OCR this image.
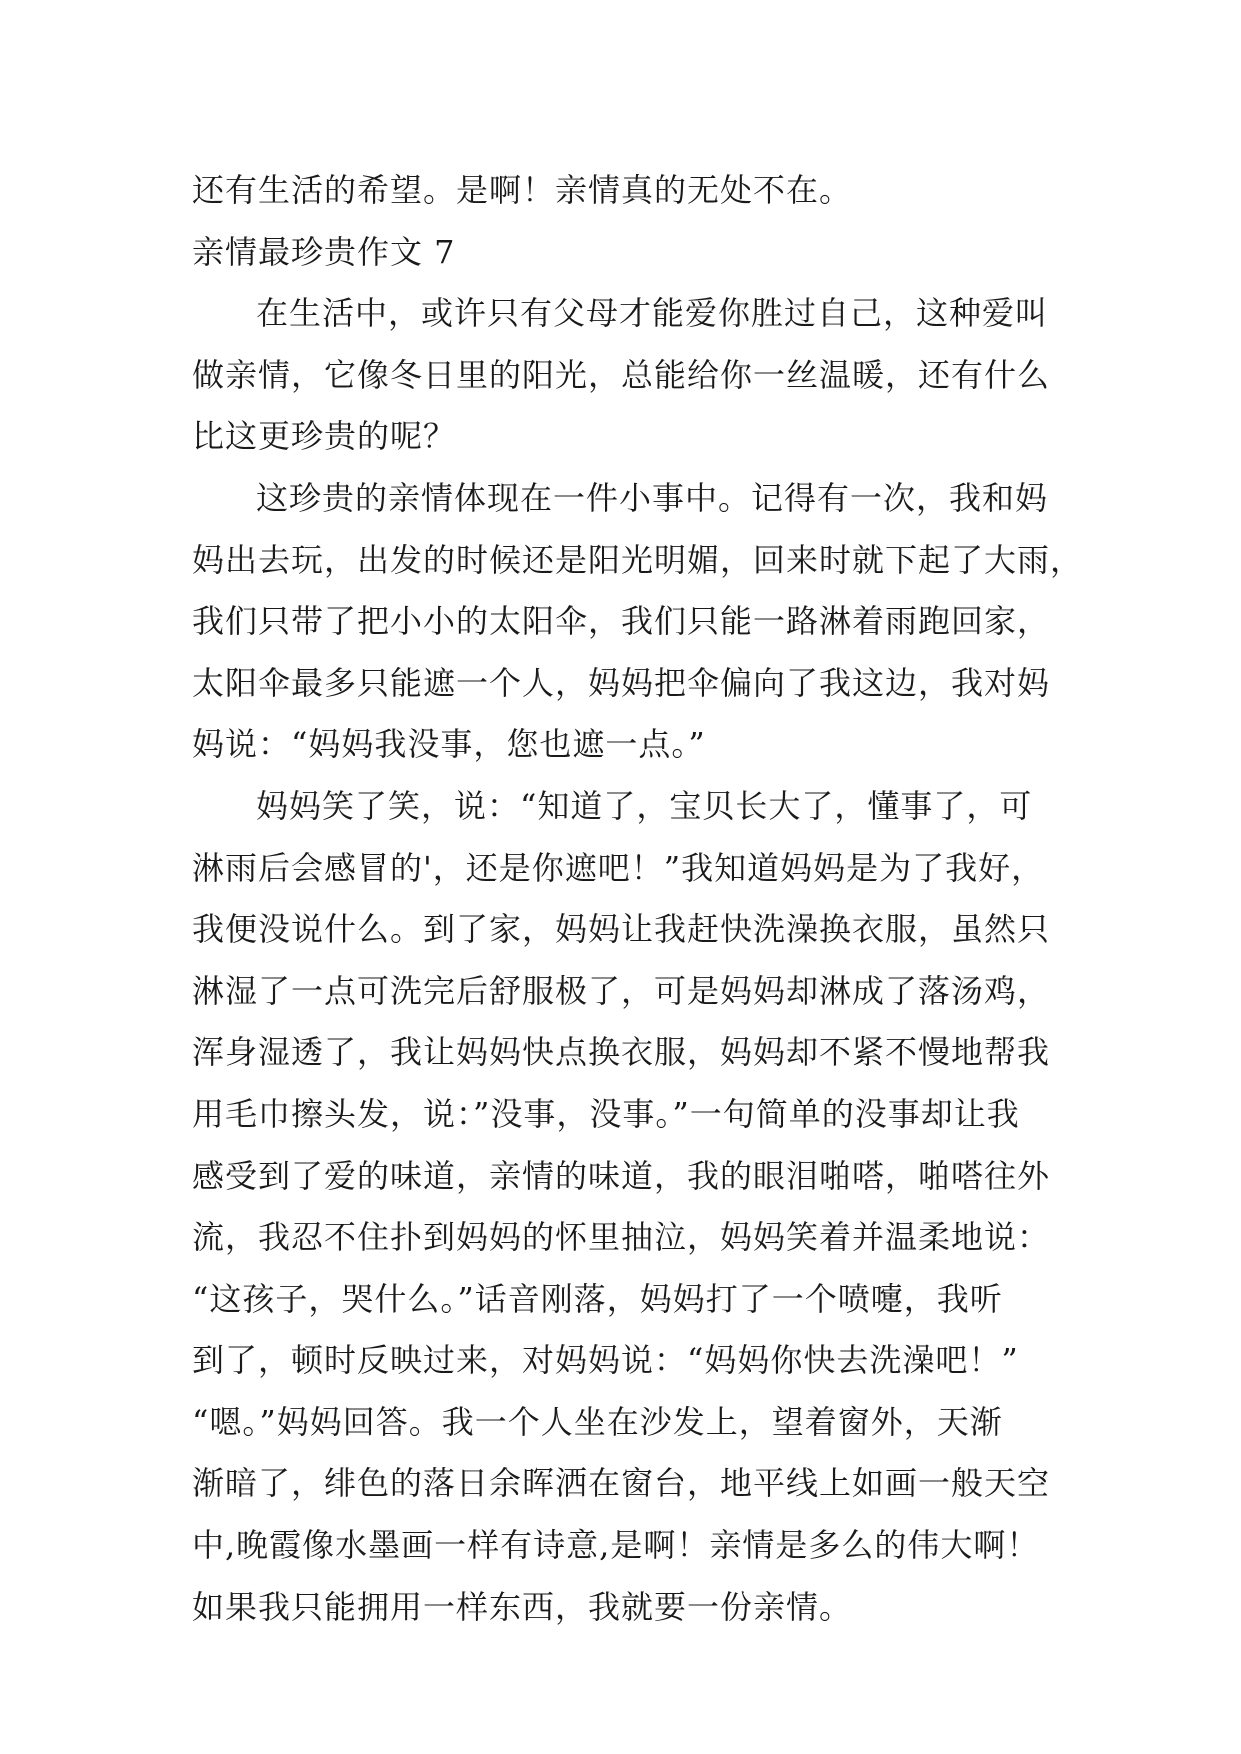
还有生活的希望。是啊！亲情真的无处不在。
亲情最珍贵作文 7
在生活中，或许只有父母才能爱你胜过自己，这种爱叫
做亲情，它像冬日里的阳光，总能给你一丝温暖，还有什么
比这更珍贵的呢？
这珍贵的亲情体现在一件小事中。记得有一次，我和妈
妈出去玩，出发的时候还是阳光明媚，回来时就下起了大雨，
我们只带了把小小的太阳伞，我们只能一路淋着雨跑回家，
太阳伞最多只能遮一个人，妈妈把伞偏向了我这边，我对妈
妈说：“妈妈我没事，您也遮一点。”
妈妈笑了笑，说：“知道了，宝贝长大了，懂事了，可
淋雨后会感冒的'，还是你遮吧！”我知道妈妈是为了我好，
我便没说什么。到了家，妈妈让我赶快洗澡换衣服，虽然只
淋湿了一点可洗完后舒服极了，可是妈妈却淋成了落汤鸡，
浑身湿透了，我让妈妈快点换衣服，妈妈却不紧不慢地帮我
用毛巾擦头发，说：”没事，没事。”一句简单的没事却让我
感受到了爱的味道，亲情的味道，我的眼泪啪嗒，啪嗒往外
流，我忍不住扑到妈妈的怀里抽泣，妈妈笑着并温柔地说：
“这孩子，哭什么。”话音刚落，妈妈打了一个喷嚏，我听
到了，顿时反映过来，对妈妈说：“妈妈你快去洗澡吧！”
“嗯。”妈妈回答。我一个人坐在沙发上，望着窗外，天渐
渐暗了，绯色的落日余晖洒在窗台，地平线上如画一般天空
中,晚霞像水墨画一样有诗意,是啊！亲情是多么的伟大啊！
如果我只能拥用一样东西，我就要一份亲情。
